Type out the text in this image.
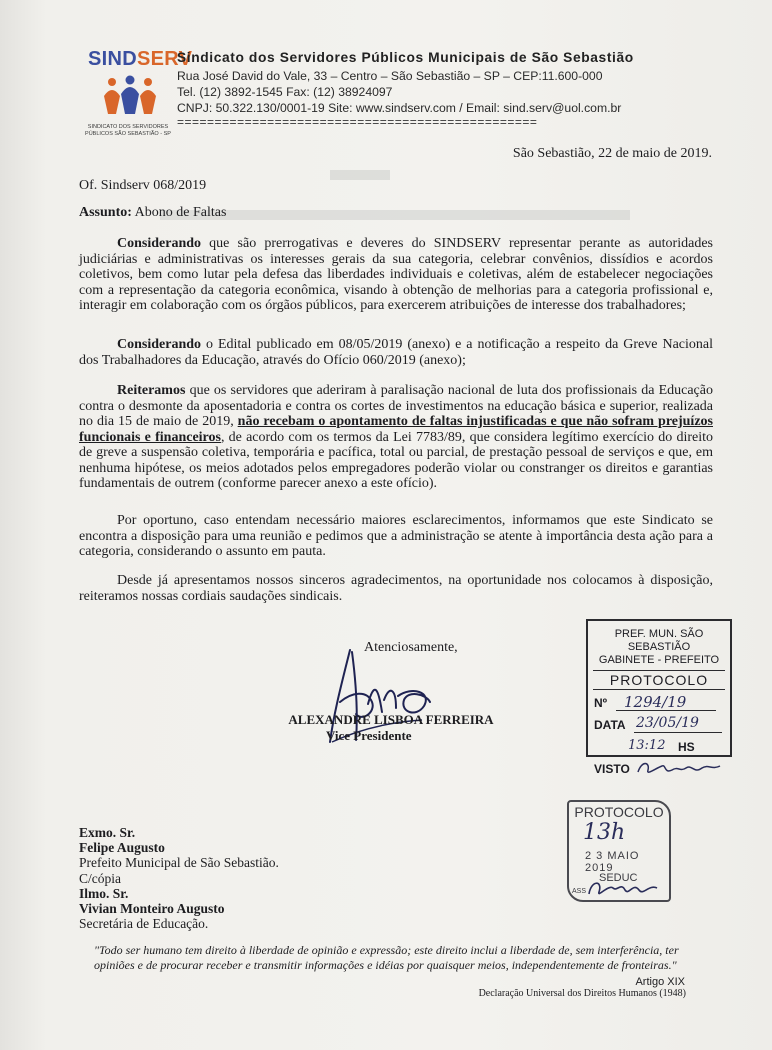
SINDSERV
SINDICATO DOS SERVIDORES PÚBLICOS SÃO SEBASTIÃO - SP
Sindicato dos Servidores Públicos Municipais de São Sebastião
Rua José David do Vale, 33 – Centro – São Sebastião – SP – CEP:11.600-000
Tel. (12) 3892-1545 Fax: (12) 38924097
CNPJ: 50.322.130/0001-19 Site: www.sindserv.com / Email: sind.serv@uol.com.br
================================================
São Sebastião, 22 de maio de 2019.
Of. Sindserv 068/2019
Assunto: Abono de Faltas

Considerando que são prerrogativas e deveres do SINDSERV representar perante as autoridades judiciárias e administrativas os interesses gerais da sua categoria, celebrar convênios, dissídios e acordos coletivos, bem como lutar pela defesa das liberdades individuais e coletivas, além de estabelecer negociações com a representação da categoria econômica, visando à obtenção de melhorias para a categoria profissional e, interagir em colaboração com os órgãos públicos, para exercerem atribuições de interesse dos trabalhadores;

Considerando o Edital publicado em 08/05/2019 (anexo) e a notificação a respeito da Greve Nacional dos Trabalhadores da Educação, através do Ofício 060/2019 (anexo);

Reiteramos que os servidores que aderiram à paralisação nacional de luta dos profissionais da Educação contra o desmonte da aposentadoria e contra os cortes de investimentos na educação básica e superior, realizada no dia 15 de maio de 2019, não recebam o apontamento de faltas injustificadas e que não sofram prejuízos funcionais e financeiros, de acordo com os termos da Lei 7783/89, que considera legítimo exercício do direito de greve a suspensão coletiva, temporária e pacífica, total ou parcial, de prestação pessoal de serviços e que, em nenhuma hipótese, os meios adotados pelos empregadores poderão violar ou constranger os direitos e garantias fundamentais de outrem (conforme parecer anexo a este ofício).

Por oportuno, caso entendam necessário maiores esclarecimentos, informamos que este Sindicato se encontra a disposição para uma reunião e pedimos que a administração se atente à importância desta ação para a categoria, considerando o assunto em pauta.

Desde já apresentamos nossos sinceros agradecimentos, na oportunidade nos colocamos à disposição, reiteramos nossas cordiais saudações sindicais.

Atenciosamente,
ALEXANDRE LISBOA FERREIRA
Vice Presidente
PREF. MUN. SÃO SEBASTIÃO
GABINETE - PREFEITO
PROTOCOLO
Nº 1294/19
DATA 23/05/19
13:12 HS
VISTO
PROTOCOLO
13h
2 3 MAIO 2019
SEDUC
ASS
Exmo. Sr.
Felipe Augusto
Prefeito Municipal de São Sebastião.
C/cópia
Ilmo. Sr.
Vivian Monteiro Augusto
Secretária de Educação.
"Todo ser humano tem direito à liberdade de opinião e expressão; este direito inclui a liberdade de, sem interferência, ter opiniões e de procurar receber e transmitir informações e idéias por quaisquer meios, independentemente de fronteiras."
Artigo XIX
Declaração Universal dos Direitos Humanos (1948)
